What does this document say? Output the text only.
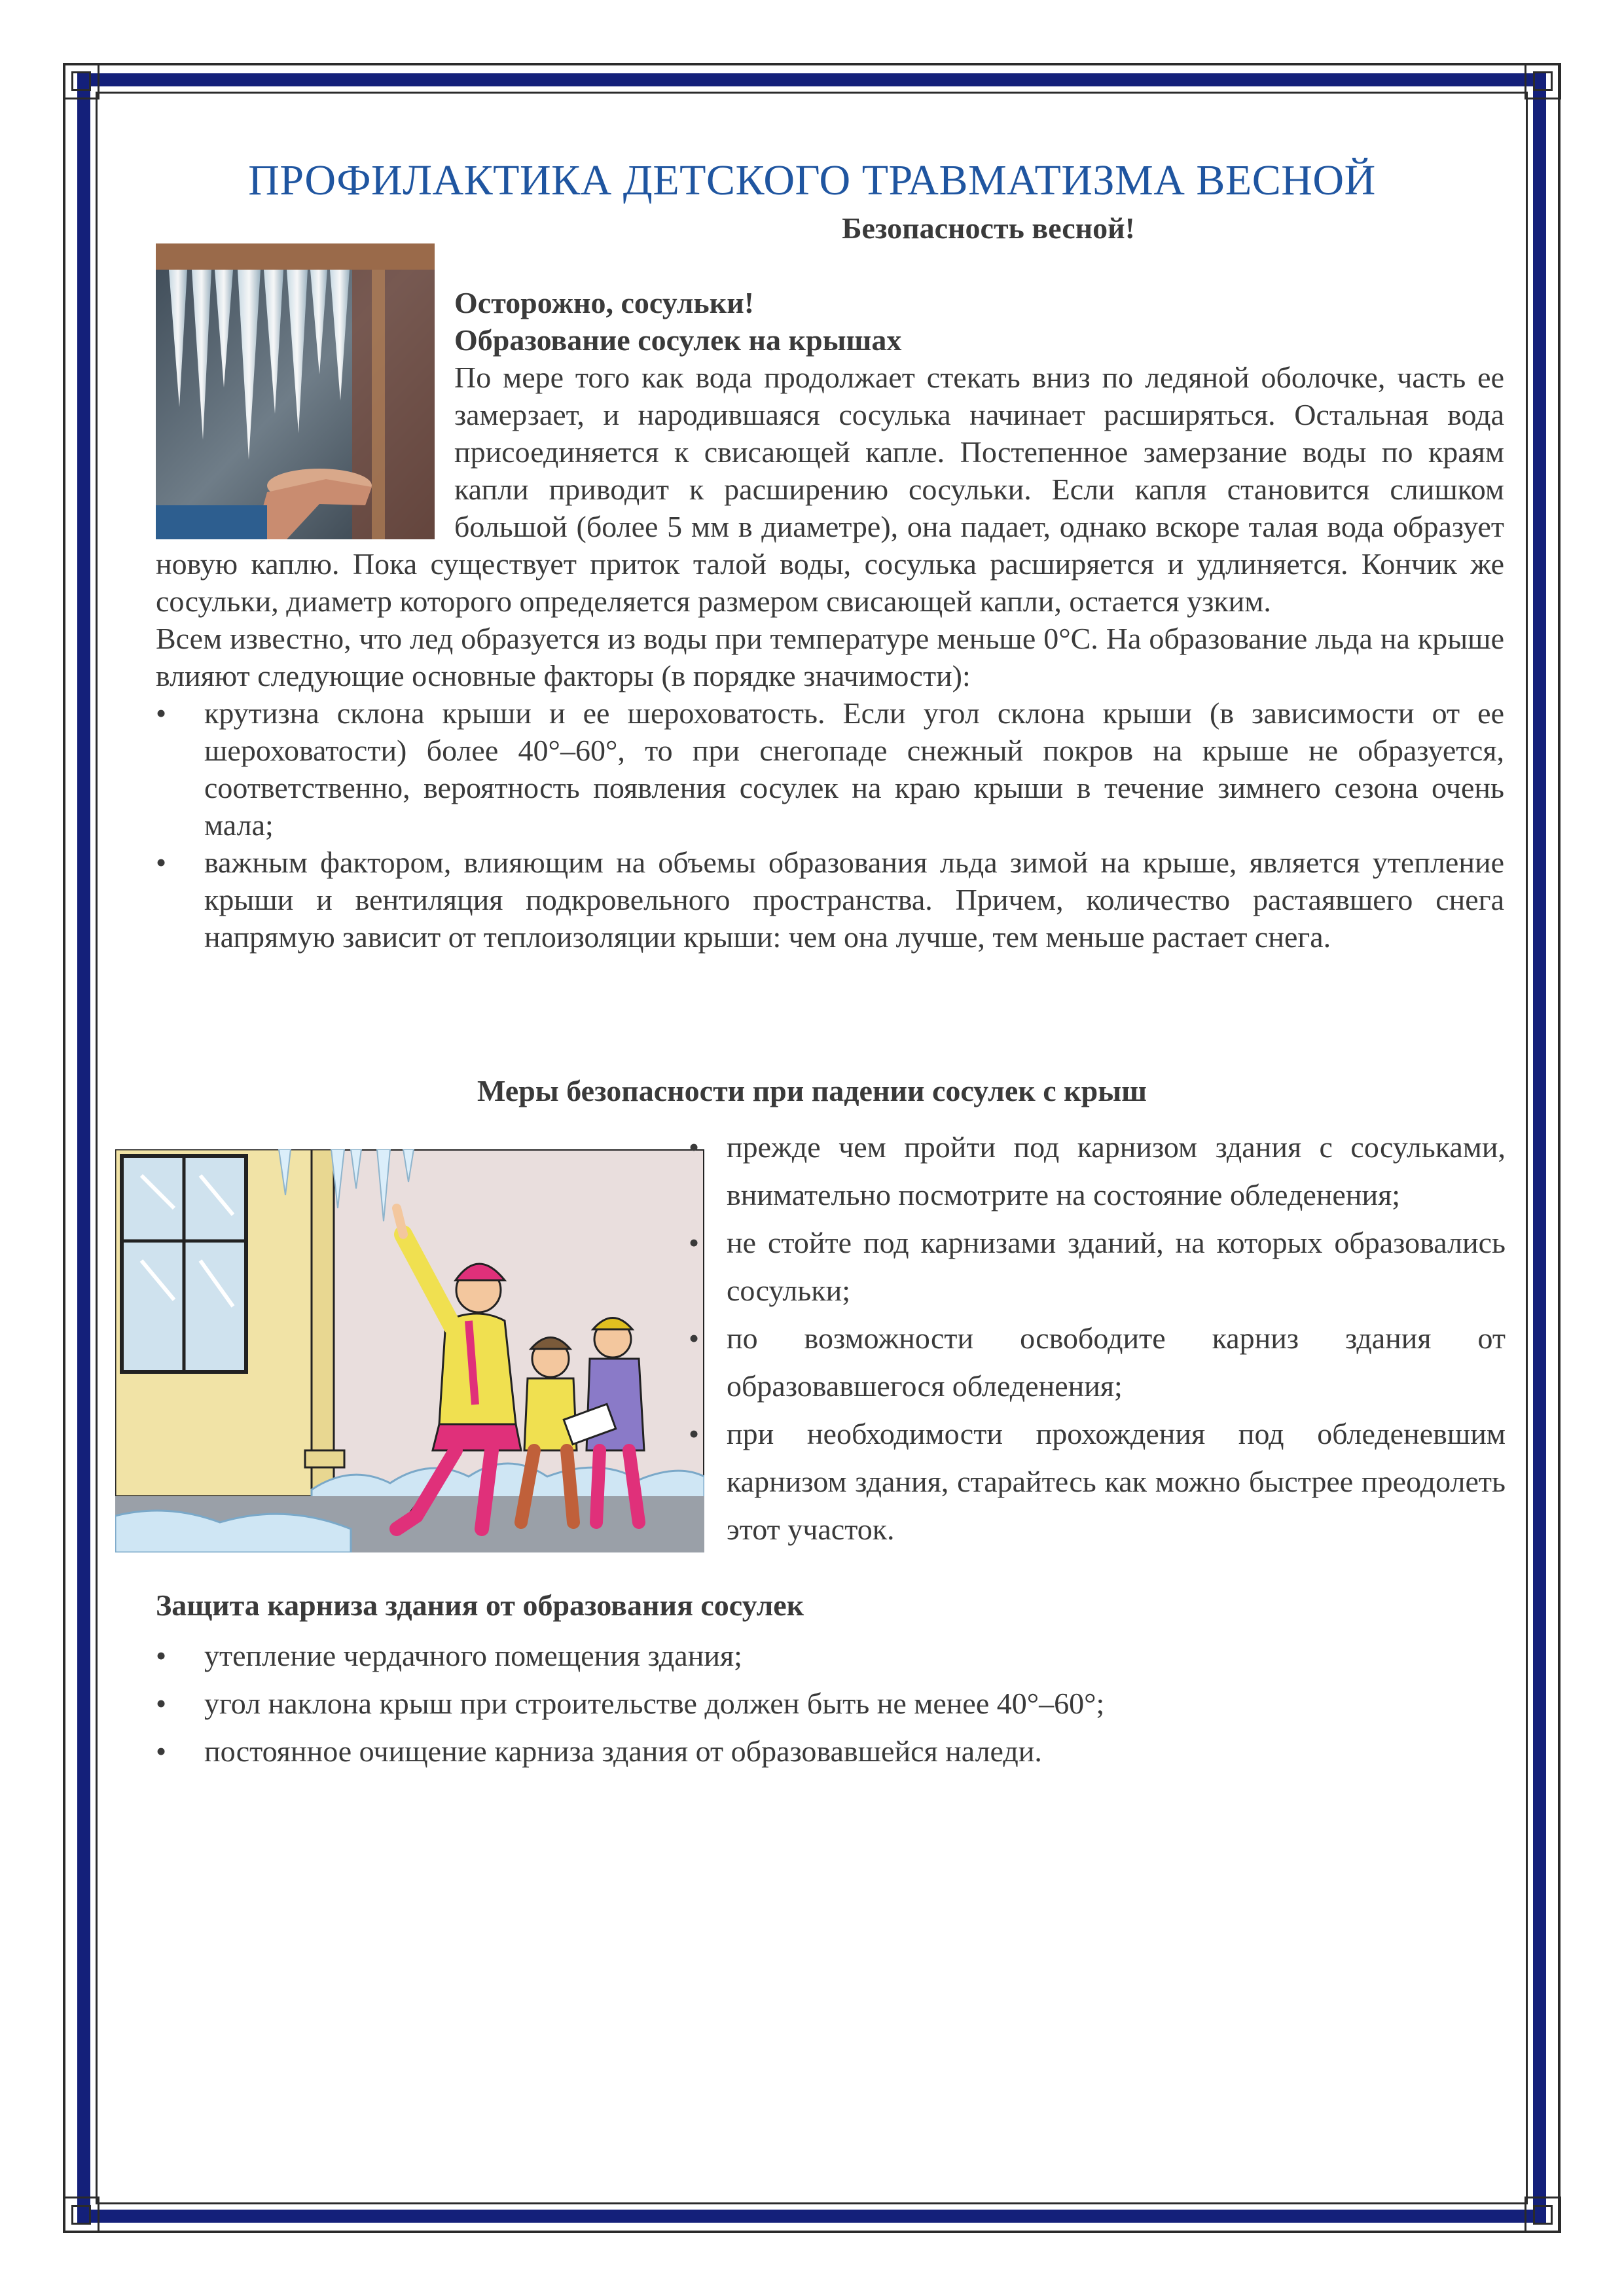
ПРОФИЛАКТИКА ДЕТСКОГО ТРАВМАТИЗМА ВЕСНОЙ
Безопасность весной!

Осторожно, сосульки!

Образование сосулек на крышах

По мере того как вода продолжает стекать вниз по ледяной оболочке, часть ее замерзает, и народившаяся сосулька начинает расширяться. Остальная вода присоединяется к свисающей капле. Постепенное замерзание воды по краям капли приводит к расширению сосульки. Если капля становится слишком большой (более 5 мм в диаметре), она падает, однако вскоре талая вода образует новую каплю. Пока существует приток талой воды, сосулька расширяется и удлиняется. Кончик же сосульки, диаметр которого определяется размером свисающей капли, остается узким.

Всем известно, что лед образуется из воды при температуре меньше 0°С. На образование льда на крыше влияют следующие основные факторы (в порядке значимости):

•	крутизна склона крыши и ее шероховатость. Если угол склона крыши (в зависимости от ее шероховатости) более 40°–60°, то при снегопаде снежный покров на крыше не образуется, соответственно, вероятность появления сосулек на краю крыши в течение зимнего сезона очень мала;
•	важным фактором, влияющим на объемы образования льда зимой на крыше, является утепление крыши и вентиляция подкровельного пространства. Причем, количество растаявшего снега напрямую зависит от теплоизоляции крыши: чем она лучше, тем меньше растает снега.
Меры безопасности при падении сосулек с крыш
• прежде чем пройти под карнизом здания с сосульками, внимательно посмотрите на состояние обледенения;
• не стойте под карнизами зданий, на которых образовались сосульки;
• по возможности освободите карниз здания от образовавшегося обледенения;
• при необходимости прохождения под обледеневшим карнизом здания, старайтесь как можно быстрее преодолеть этот участок.
Защита карниза здания от образования сосулек
•	утепление чердачного помещения здания;
•	угол наклона крыш при строительстве должен быть не менее 40°–60°;
•	постоянное очищение карниза здания от образовавшейся наледи.
